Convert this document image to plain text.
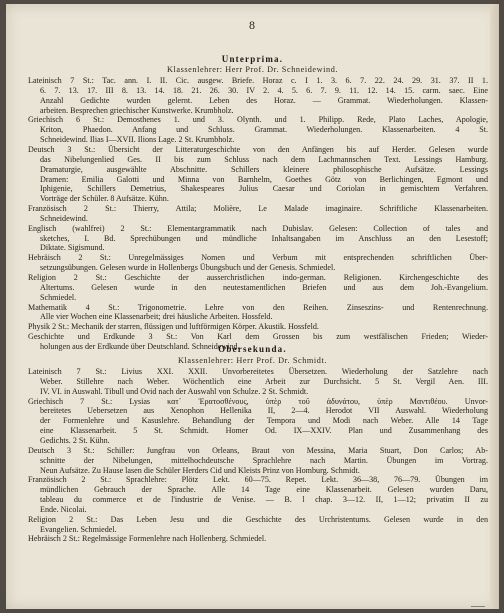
8
Unterprima.
Klassenlehrer: Herr Prof. Dr. Schneidewind.
Lateinisch 7 St.: Tac. ann. I. II. Cic. ausgew. Briefe. Horaz c. I 1. 3. 6. 7. 22. 24. 29. 31. 37. II 1.
6. 7. 13. 17. III 8. 13. 14. 18. 21. 26. 30. IV 2. 4. 5. 6. 7. 9. 11. 12. 14. 15. carm. saec. Eine
Anzahl Gedichte wurden gelernt. Leben des Horaz. — Grammat. Wiederholungen. Klassen-
arbeiten. Besprechen griechischer Kunstwerke. Krumbholz.
Griechisch 6 St.: Demosthenes 1. und 3. Olynth. und 1. Philipp. Rede, Plato Laches, Apologie,
Kriton, Phaedon. Anfang und Schluss. Grammat. Wiederholungen. Klassenarbeiten. 4 St.
Schneidewind. Ilias I—XVII. Ilions Lage. 2 St. Krumbholz.
Deutsch 3 St.: Übersicht der Litteraturgeschichte von den Anfängen bis auf Herder. Gelesen wurde
das Nibelungenlied Ges. II bis zum Schluss nach dem Lachmannschen Text. Lessings Hamburg.
Dramaturgie, ausgewählte Abschnitte. Schillers kleinere philosophische Aufsätze. Lessings
Dramen: Emilia Galotti und Minna von Barnhelm, Goethes Götz von Berlichingen, Egmont und
Iphigenie, Schillers Demetrius, Shakespeares Julius Caesar und Coriolan in gemischtem Verfahren.
Vorträge der Schüler. 8 Aufsätze. Kühn.
Französisch 2 St.: Thierry, Attila; Molière, Le Malade imaginaire. Schriftliche Klassenarbeiten.
Schneidewind.
Englisch (wahlfrei) 2 St.: Elementargrammatik nach Dubislav. Gelesen: Collection of tales and
sketches, I. Bd. Sprechübungen und mündliche Inhaltsangaben im Anschluss an den Lesestoff;
Diktate. Sigismund.
Hebräisch 2 St.: Unregelmässiges Nomen und Verbum mit entsprechenden schriftlichen Über-
setzungsübungen. Gelesen wurde in Hollenbergs Übungsbuch und der Genesis. Schmiedel.
Religion 2 St.: Geschichte der ausserchristlichen indo-german. Religionen. Kirchengeschichte des
Altertums. Gelesen wurde in den neutestamentlichen Briefen und aus dem Joh.-Evangelium.
Schmiedel.
Mathematik 4 St.: Trigonometrie. Lehre von den Reihen. Zinseszins- und Rentenrechnung.
Alle vier Wochen eine Klassenarbeit; drei häusliche Arbeiten. Hossfeld.
Physik 2 St.: Mechanik der starren, flüssigen und luftförmigen Körper. Akustik. Hossfeld.
Geschichte und Erdkunde 3 St.: Von Karl dem Grossen bis zum westfälischen Frieden; Wieder-
holungen aus der Erdkunde über Deutschland. Schneidewind.
Obersekunda.
Klassenlehrer: Herr Prof. Dr. Schmidt.
Lateinisch 7 St.: Livius XXI. XXII. Unvorbereitetes Übersetzen. Wiederholung der Satzlehre nach
Weber. Stillehre nach Weber. Wöchentlich eine Arbeit zur Durchsicht. 5 St. Vergil Aen. III.
IV. VI. in Auswahl. Tibull und Ovid nach der Auswahl von Schulze. 2 St. Schmidt.
Griechisch 7 St.: Lysias κατ᾽ Ἐρατοσθένους, ὑπὲρ τοῦ ἀδυνάτου, ὑπὲρ Μαντιθέου. Unvor-
bereitetes Uebersetzen aus Xenophon Hellenika II, 2—4. Herodot VII Auswahl. Wiederholung
der Formenlehre und Kasuslehre. Behandlung der Tempora und Modi nach Weber. Alle 14 Tage
eine Klassenarbeit. 5 St. Schmidt. Homer Od. IX—XXIV. Plan und Zusammenhang des
Gedichts. 2 St. Kühn.
Deutsch 3 St.: Schiller: Jungfrau von Orleans, Braut von Messina, Maria Stuart, Don Carlos; Ab-
schnitte der Nibelungen, mittelhochdeutsche Sprachlehre nach Martin. Übungen im Vortrag.
Neun Aufsätze. Zu Hause lasen die Schüler Herders Cid und Kleists Prinz von Homburg. Schmidt.
Französisch 2 St.: Sprachlehre: Plötz Lekt. 60—75. Repet. Lekt. 36—38, 76—79. Übungen im
mündlichen Gebrauch der Sprache. Alle 14 Tage eine Klassenarbeit. Gelesen wurden Daru,
tableau du commerce et de l'industrie de Venise. — B. l chap. 3—12. II, 1—12; privatim II zu
Ende. Nicolai.
Religion 2 St.: Das Leben Jesu und die Geschichte des Urchristentums. Gelesen wurde in den
Evangelien. Schmiedel.
Hebräisch 2 St.: Regelmässige Formenlehre nach Hollenberg. Schmiedel.
